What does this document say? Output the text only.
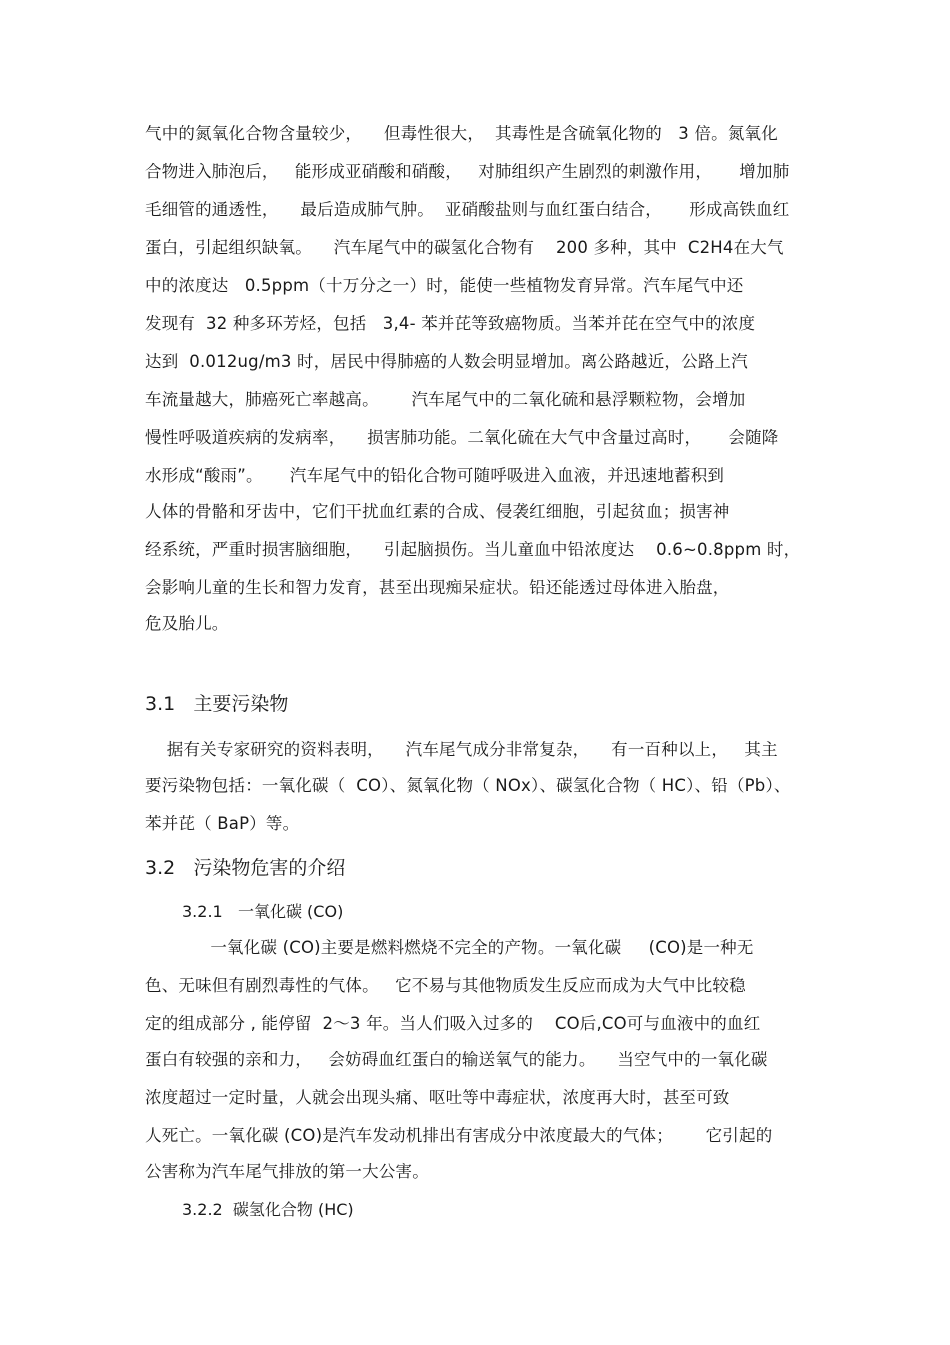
气中的氮氧化合物含量较少，    但毒性很大，  其毒性是含硫氧化物的   3 倍。氮氧化
合物进入肺泡后，   能形成亚硝酸和硝酸，   对肺组织产生剧烈的刺激作用，     增加肺
毛细管的通透性，    最后造成肺气肿。  亚硝酸盐则与血红蛋白结合，     形成高铁血红
蛋白，引起组织缺氧。    汽车尾气中的碳氢化合物有    200 多种，其中  C2H4在大气
中的浓度达   0.5ppm（十万分之一）时，能使一些植物发育异常。汽车尾气中还
发现有  32 种多环芳烃，包括   3,4- 苯并芘等致癌物质。当苯并芘在空气中的浓度
达到  0.012ug/m3 时，居民中得肺癌的人数会明显增加。离公路越近，公路上汽
车流量越大，肺癌死亡率越高。      汽车尾气中的二氧化硫和悬浮颗粒物，会增加
慢性呼吸道疾病的发病率，    损害肺功能。二氧化硫在大气中含量过高时，     会随降
水形成“酸雨”。     汽车尾气中的铅化合物可随呼吸进入血液，并迅速地蓄积到
人体的骨骼和牙齿中，它们干扰血红素的合成、侵袭红细胞，引起贫血；损害神
经系统，严重时损害脑细胞，    引起脑损伤。当儿童血中铅浓度达    0.6~0.8ppm 时，
会影响儿童的生长和智力发育，甚至出现痴呆症状。铅还能透过母体进入胎盘，
危及胎儿。
3.1   主要污染物
据有关专家研究的资料表明，    汽车尾气成分非常复杂，    有一百种以上，   其主
要污染物包括：一氧化碳（  CO）、氮氧化物（ NOx）、碳氢化合物（ HC）、铅（Pb）、
苯并芘（ BaP）等。
3.2   污染物危害的介绍
3.2.1   一氧化碳 (CO)
一氧化碳 (CO)主要是燃料燃烧不完全的产物。一氧化碳     (CO)是一种无
色、无味但有剧烈毒性的气体。   它不易与其他物质发生反应而成为大气中比较稳
定的组成部分 , 能停留  2～3 年。当人们吸入过多的    CO后,CO可与血液中的血红
蛋白有较强的亲和力，   会妨碍血红蛋白的输送氧气的能力。    当空气中的一氧化碳
浓度超过一定时量，人就会出现头痛、呕吐等中毒症状，浓度再大时，甚至可致
人死亡。一氧化碳 (CO)是汽车发动机排出有害成分中浓度最大的气体；      它引起的
公害称为汽车尾气排放的第一大公害。
3.2.2  碳氢化合物 (HC)
